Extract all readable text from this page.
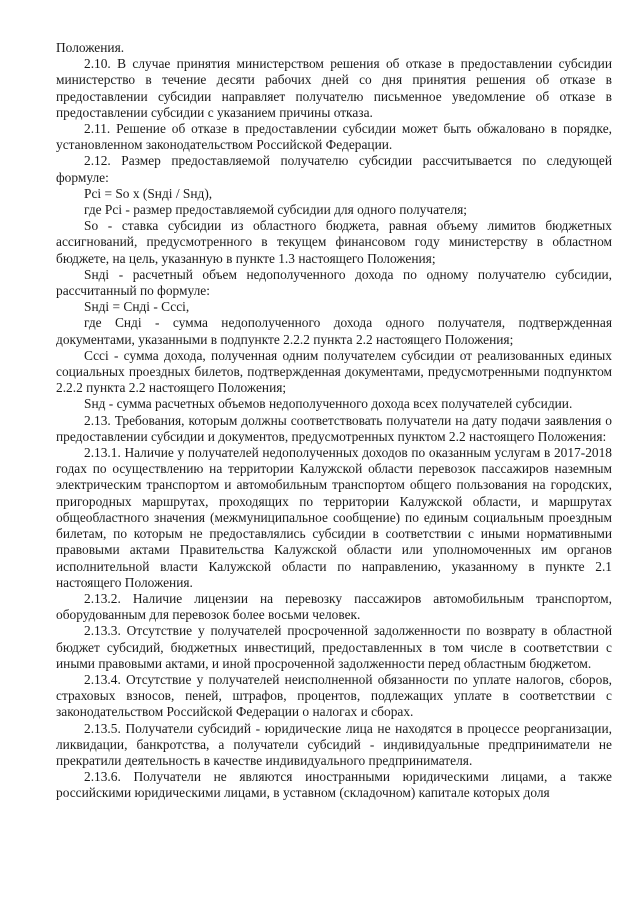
Положения.

2.10. В случае принятия министерством решения об отказе в предоставлении субсидии министерство в течение десяти рабочих дней со дня принятия решения об отказе в предоставлении субсидии направляет получателю письменное уведомление об отказе в предоставлении субсидии с указанием причины отказа.

2.11. Решение об отказе в предоставлении субсидии может быть обжаловано в порядке, установленном законодательством Российской Федерации.

2.12. Размер предоставляемой получателю субсидии рассчитывается по следующей формуле:

Pci = So x (Sнді / Sнд),

где Pci - размер предоставляемой субсидии для одного получателя;

So - ставка субсидии из областного бюджета, равная объему лимитов бюджетных ассигнований, предусмотренного в текущем финансовом году министерству в областном бюджете, на цель, указанную в пункте 1.3 настоящего Положения;

Sнді - расчетный объем недополученного дохода по одному получателю субсидии, рассчитанный по формуле:

Sнді = Снді - Сссі,

где Снді - сумма недополученного дохода одного получателя, подтвержденная документами, указанными в подпункте 2.2.2 пункта 2.2 настоящего Положения;

Сссі - сумма дохода, полученная одним получателем субсидии от реализованных единых социальных проездных билетов, подтвержденная документами, предусмотренными подпунктом 2.2.2 пункта 2.2 настоящего Положения;

Sнд - сумма расчетных объемов недополученного дохода всех получателей субсидии.

2.13. Требования, которым должны соответствовать получатели на дату подачи заявления о предоставлении субсидии и документов, предусмотренных пунктом 2.2 настоящего Положения:

2.13.1. Наличие у получателей недополученных доходов по оказанным услугам в 2017-2018 годах по осуществлению на территории Калужской области перевозок пассажиров наземным электрическим транспортом и автомобильным транспортом общего пользования на городских, пригородных маршрутах, проходящих по территории Калужской области, и маршрутах общеобластного значения (межмуниципальное сообщение) по единым социальным проездным билетам, по которым не предоставлялись субсидии в соответствии с иными нормативными правовыми актами Правительства Калужской области или уполномоченных им органов исполнительной власти Калужской области по направлению, указанному в пункте 2.1 настоящего Положения.

2.13.2. Наличие лицензии на перевозку пассажиров автомобильным транспортом, оборудованным для перевозок более восьми человек.

2.13.3. Отсутствие у получателей просроченной задолженности по возврату в областной бюджет субсидий, бюджетных инвестиций, предоставленных в том числе в соответствии с иными правовыми актами, и иной просроченной задолженности перед областным бюджетом.

2.13.4. Отсутствие у получателей неисполненной обязанности по уплате налогов, сборов, страховых взносов, пеней, штрафов, процентов, подлежащих уплате в соответствии с законодательством Российской Федерации о налогах и сборах.

2.13.5. Получатели субсидий - юридические лица не находятся в процессе реорганизации, ликвидации, банкротства, а получатели субсидий - индивидуальные предприниматели не прекратили деятельность в качестве индивидуального предпринимателя.

2.13.6. Получатели не являются иностранными юридическими лицами, а также российскими юридическими лицами, в уставном (складочном) капитале которых доля
